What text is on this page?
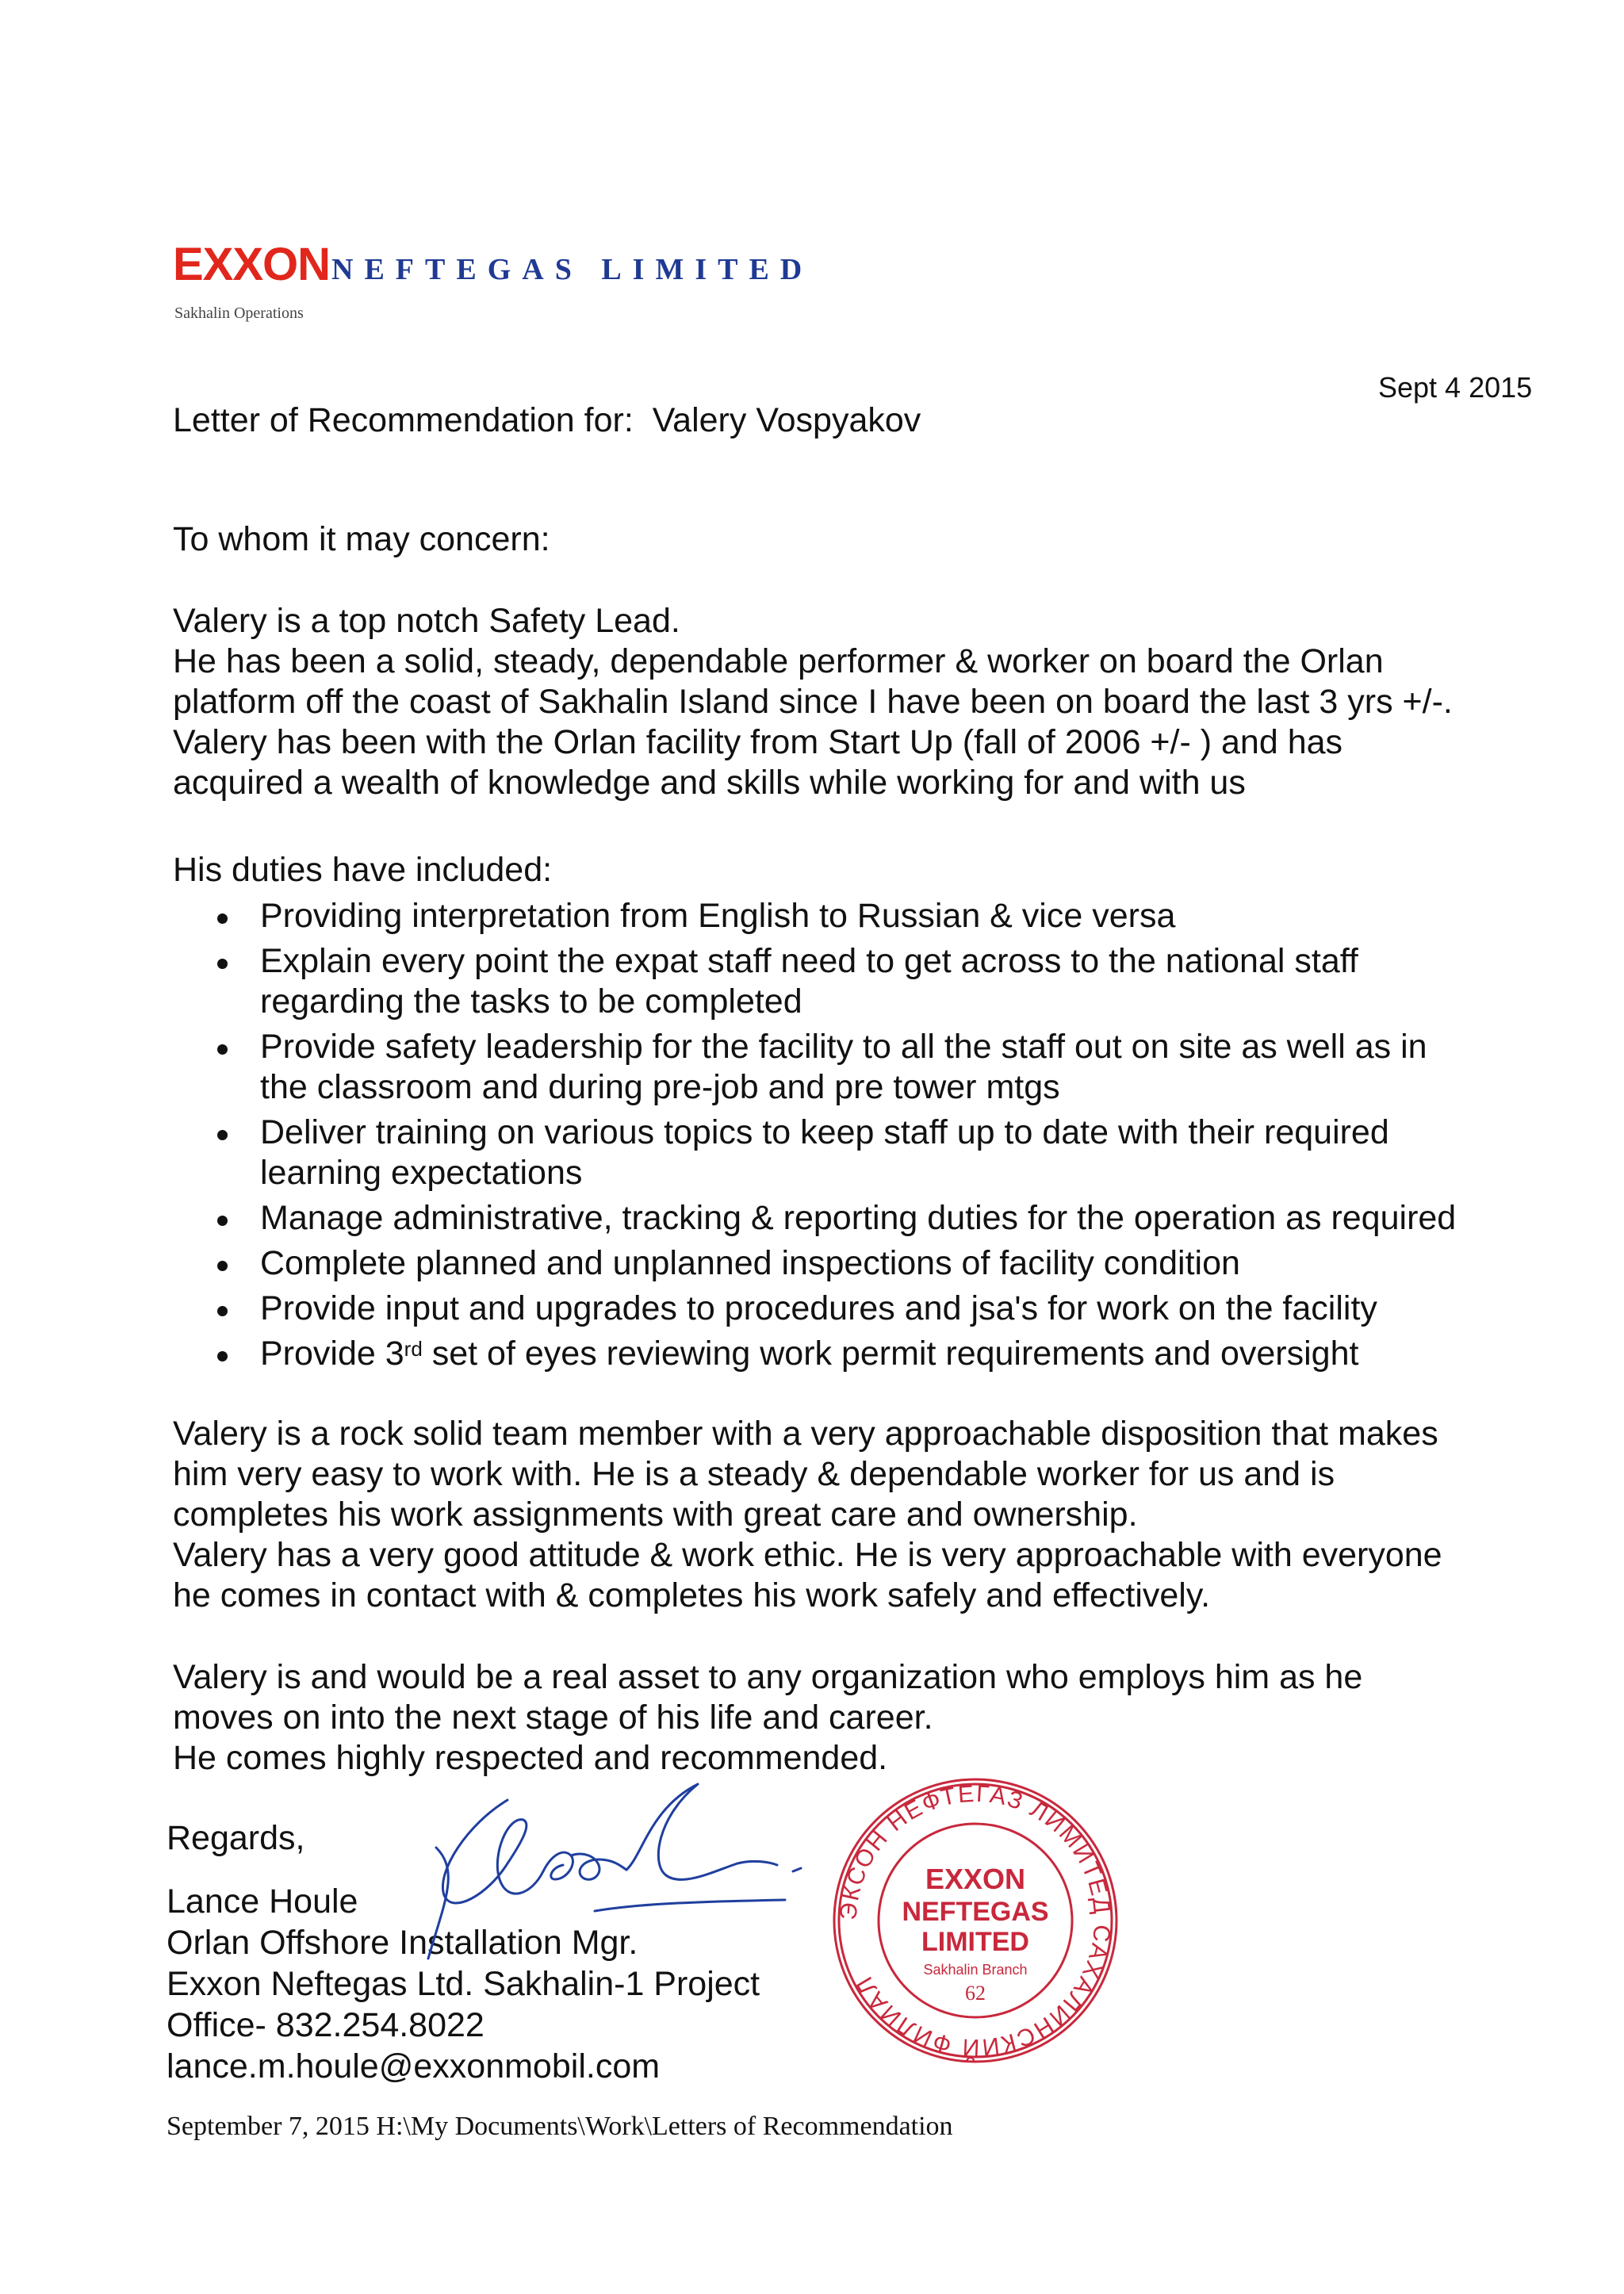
EXXON NEFTEGAS LIMITED
Sakhalin Operations
Sept 4 2015
Letter of Recommendation for:  Valery Vospyakov
To whom it may concern:

Valery is a top notch Safety Lead.

He has been a solid, steady, dependable performer & worker on board the Orlan

platform off the coast of Sakhalin Island since I have been on board the last 3 yrs +/-.

Valery has been with the Orlan facility from Start Up (fall of 2006 +/- ) and has

acquired a wealth of knowledge and skills while working for and with us

His duties have included:
Providing interpretation from English to Russian & vice versa
Explain every point the expat staff need to get across to the national staff
regarding the tasks to be completed
Provide safety leadership for the facility to all the staff out on site as well as in
the classroom and during pre-job and pre tower mtgs
Deliver training on various topics to keep staff up to date with their required
learning expectations
Manage administrative, tracking & reporting duties for the operation as required
Complete planned and unplanned inspections of facility condition
Provide input and upgrades to procedures and jsa's for work on the facility
Provide 3rd set of eyes reviewing work permit requirements and oversight

Valery is a rock solid team member with a very approachable disposition that makes

him very easy to work with. He is a steady & dependable worker for us and is

completes his work assignments with great care and ownership.

Valery has a very good attitude & work ethic. He is very approachable with everyone

he comes in contact with & completes his work safely and effectively.

Valery is and would be a real asset to any organization who employs him as he

moves on into the next stage of his life and career.

He comes highly respected and recommended.

Regards,
Lance Houle
Orlan Offshore Installation Mgr.
Exxon Neftegas Ltd. Sakhalin-1 Project
Office- 832.254.8022
lance.m.houle@exxonmobil.com
ЭКСОН НЕФТЕГАЗ ЛИМИТЕД САХАЛИНСКИЙ ФИЛИАЛ
EXXON
NEFTEGAS
LIMITED
Sakhalin Branch
62
September 7, 2015 H:\My Documents\Work\Letters of Recommendation
